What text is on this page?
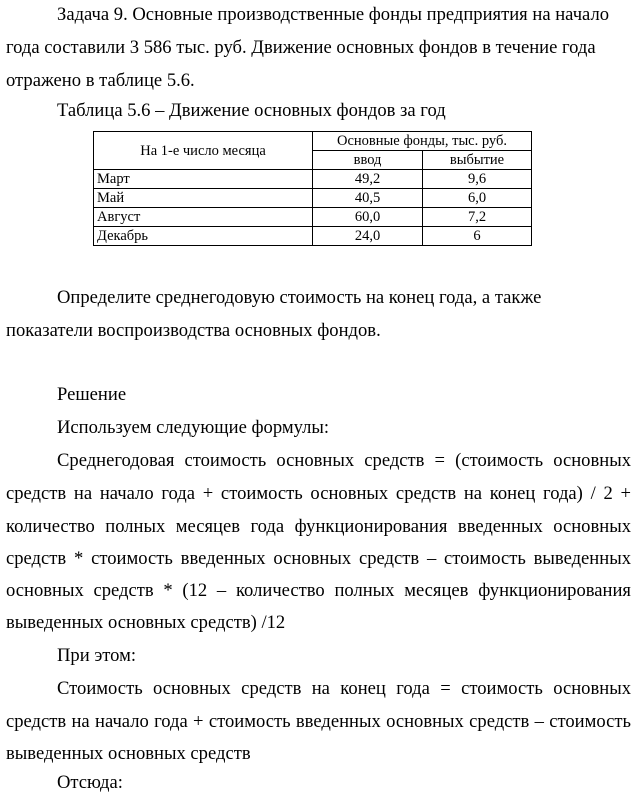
Задача 9. Основные производственные фонды предприятия на начало
года составили 3 586 тыс. руб. Движение основных фондов в течение года
отражено в таблице 5.6.
Таблица 5.6 – Движение основных фондов за год
На 1-е число месяца	Основные фонды, тыс. руб.	
	ввод	выбытие
Март	49,2	9,6
Май	40,5	6,0
Август	60,0	7,2
Декабрь	24,0	6
Определите среднегодовую стоимость на конец года, а также
показатели воспроизводства основных фондов.
Решение
Используем следующие формулы:
Среднегодовая стоимость основных средств = (стоимость основных
средств на начало года + стоимость основных средств на конец года) / 2 +
количество полных месяцев года функционирования введенных основных
средств * стоимость введенных основных средств – стоимость выведенных
основных средств * (12 – количество полных месяцев функционирования
выведенных основных средств) /12
При этом:
Стоимость основных средств на конец года = стоимость основных
средств на начало года + стоимость введенных основных средств – стоимость
выведенных основных средств
Отсюда:
